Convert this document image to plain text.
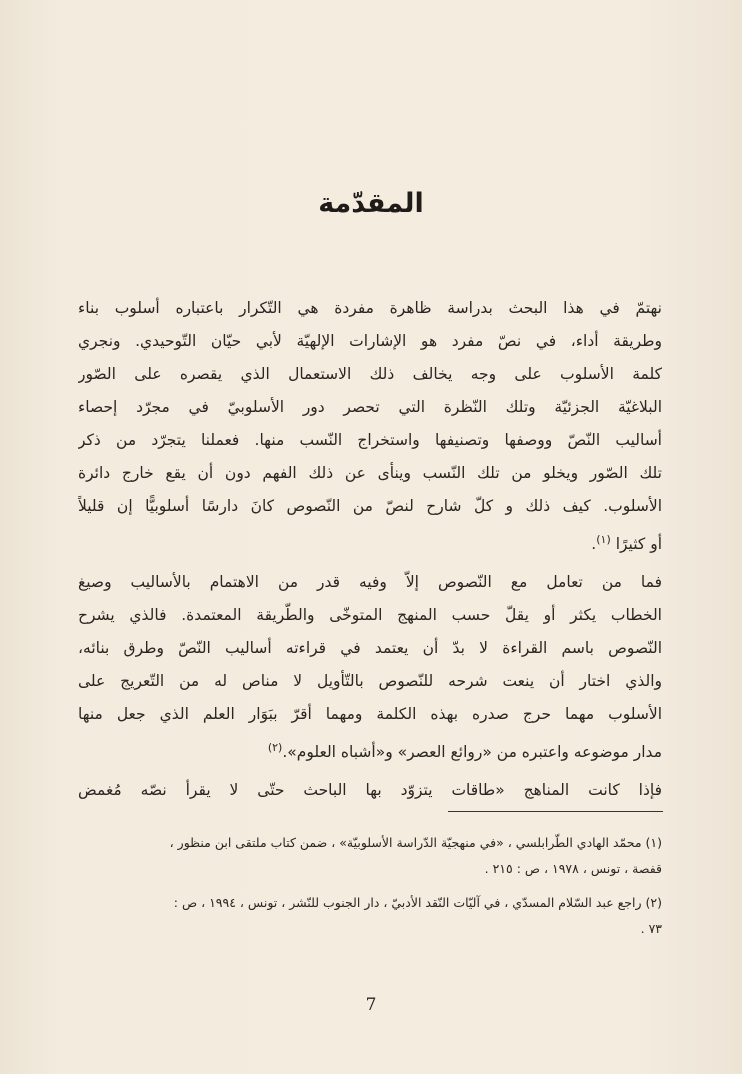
المقدّمة
نهتمّ في هذا البحث بدراسة ظاهرة مفردة هي التّكرار باعتباره أسلوب بناء
وطريقة أداء، في نصّ مفرد هو الإشارات الإلهيّة لأبي حيّان التّوحيدي. ونجري
كلمة الأسلوب على وجه يخالف ذلك الاستعمال الذي يقصره على الصّور
البلاغيّة الجزئيّة وتلك النّظرة التي تحصر دور الأسلوبيّ في مجرّد إحصاء
أساليب النّصّ ووصفها وتصنيفها واستخراج النّسب منها. فعملنا يتجرّد من ذكر
تلك الصّور ويخلو من تلك النّسب وينأى عن ذلك الفهم دون أن يقع خارج دائرة
الأسلوب. كيف ذلك و كلّ شارح لنصّ من النّصوص كانَ دارسًا أسلوبيًّا إن قليلاً
أو كثيرًا $^{(١)}$.
فما من تعامل مع النّصوص إلاّ وفيه قدر من الاهتمام بالأساليب وصيغ
الخطاب يكثر أو يقلّ حسب المنهج المتوخّى والطّريقة المعتمدة. فالذي يشرح
النّصوص باسم القراءة لا بدّ أن يعتمد في قراءته أساليب النّصّ وطرق بنائه،
والذي اختار أن ينعت شرحه للنّصوص بالتّأويل لا مناص له من التّعريج على
الأسلوب مهما حرج صدره بهذه الكلمة ومهما أقرّ ببَوَار العلم الذي جعل منها
مدار موضوعه واعتبره من «روائع العصر» و«أشباه العلوم».$^{(٢)}$
فإذا كانت المناهج «طاقات يتزوّد بها الباحث حتّى لا يقرأ نصّه مُغمض
(١) محمّد الهادي الطّرابلسي ، «في منهجيّة الدّراسة الأسلوبيّة» ، ضمن كتاب ملتقى ابن منظور ،
قفصة ، تونس ، ١٩٧٨ ، ص : ٢١٥ .
(٢) راجع عبد السّلام المسدّي ، في آليّات النّقد الأدبيّ ، دار الجنوب للنّشر ، تونس ، ١٩٩٤ ، ص :
٧٣ .
7
